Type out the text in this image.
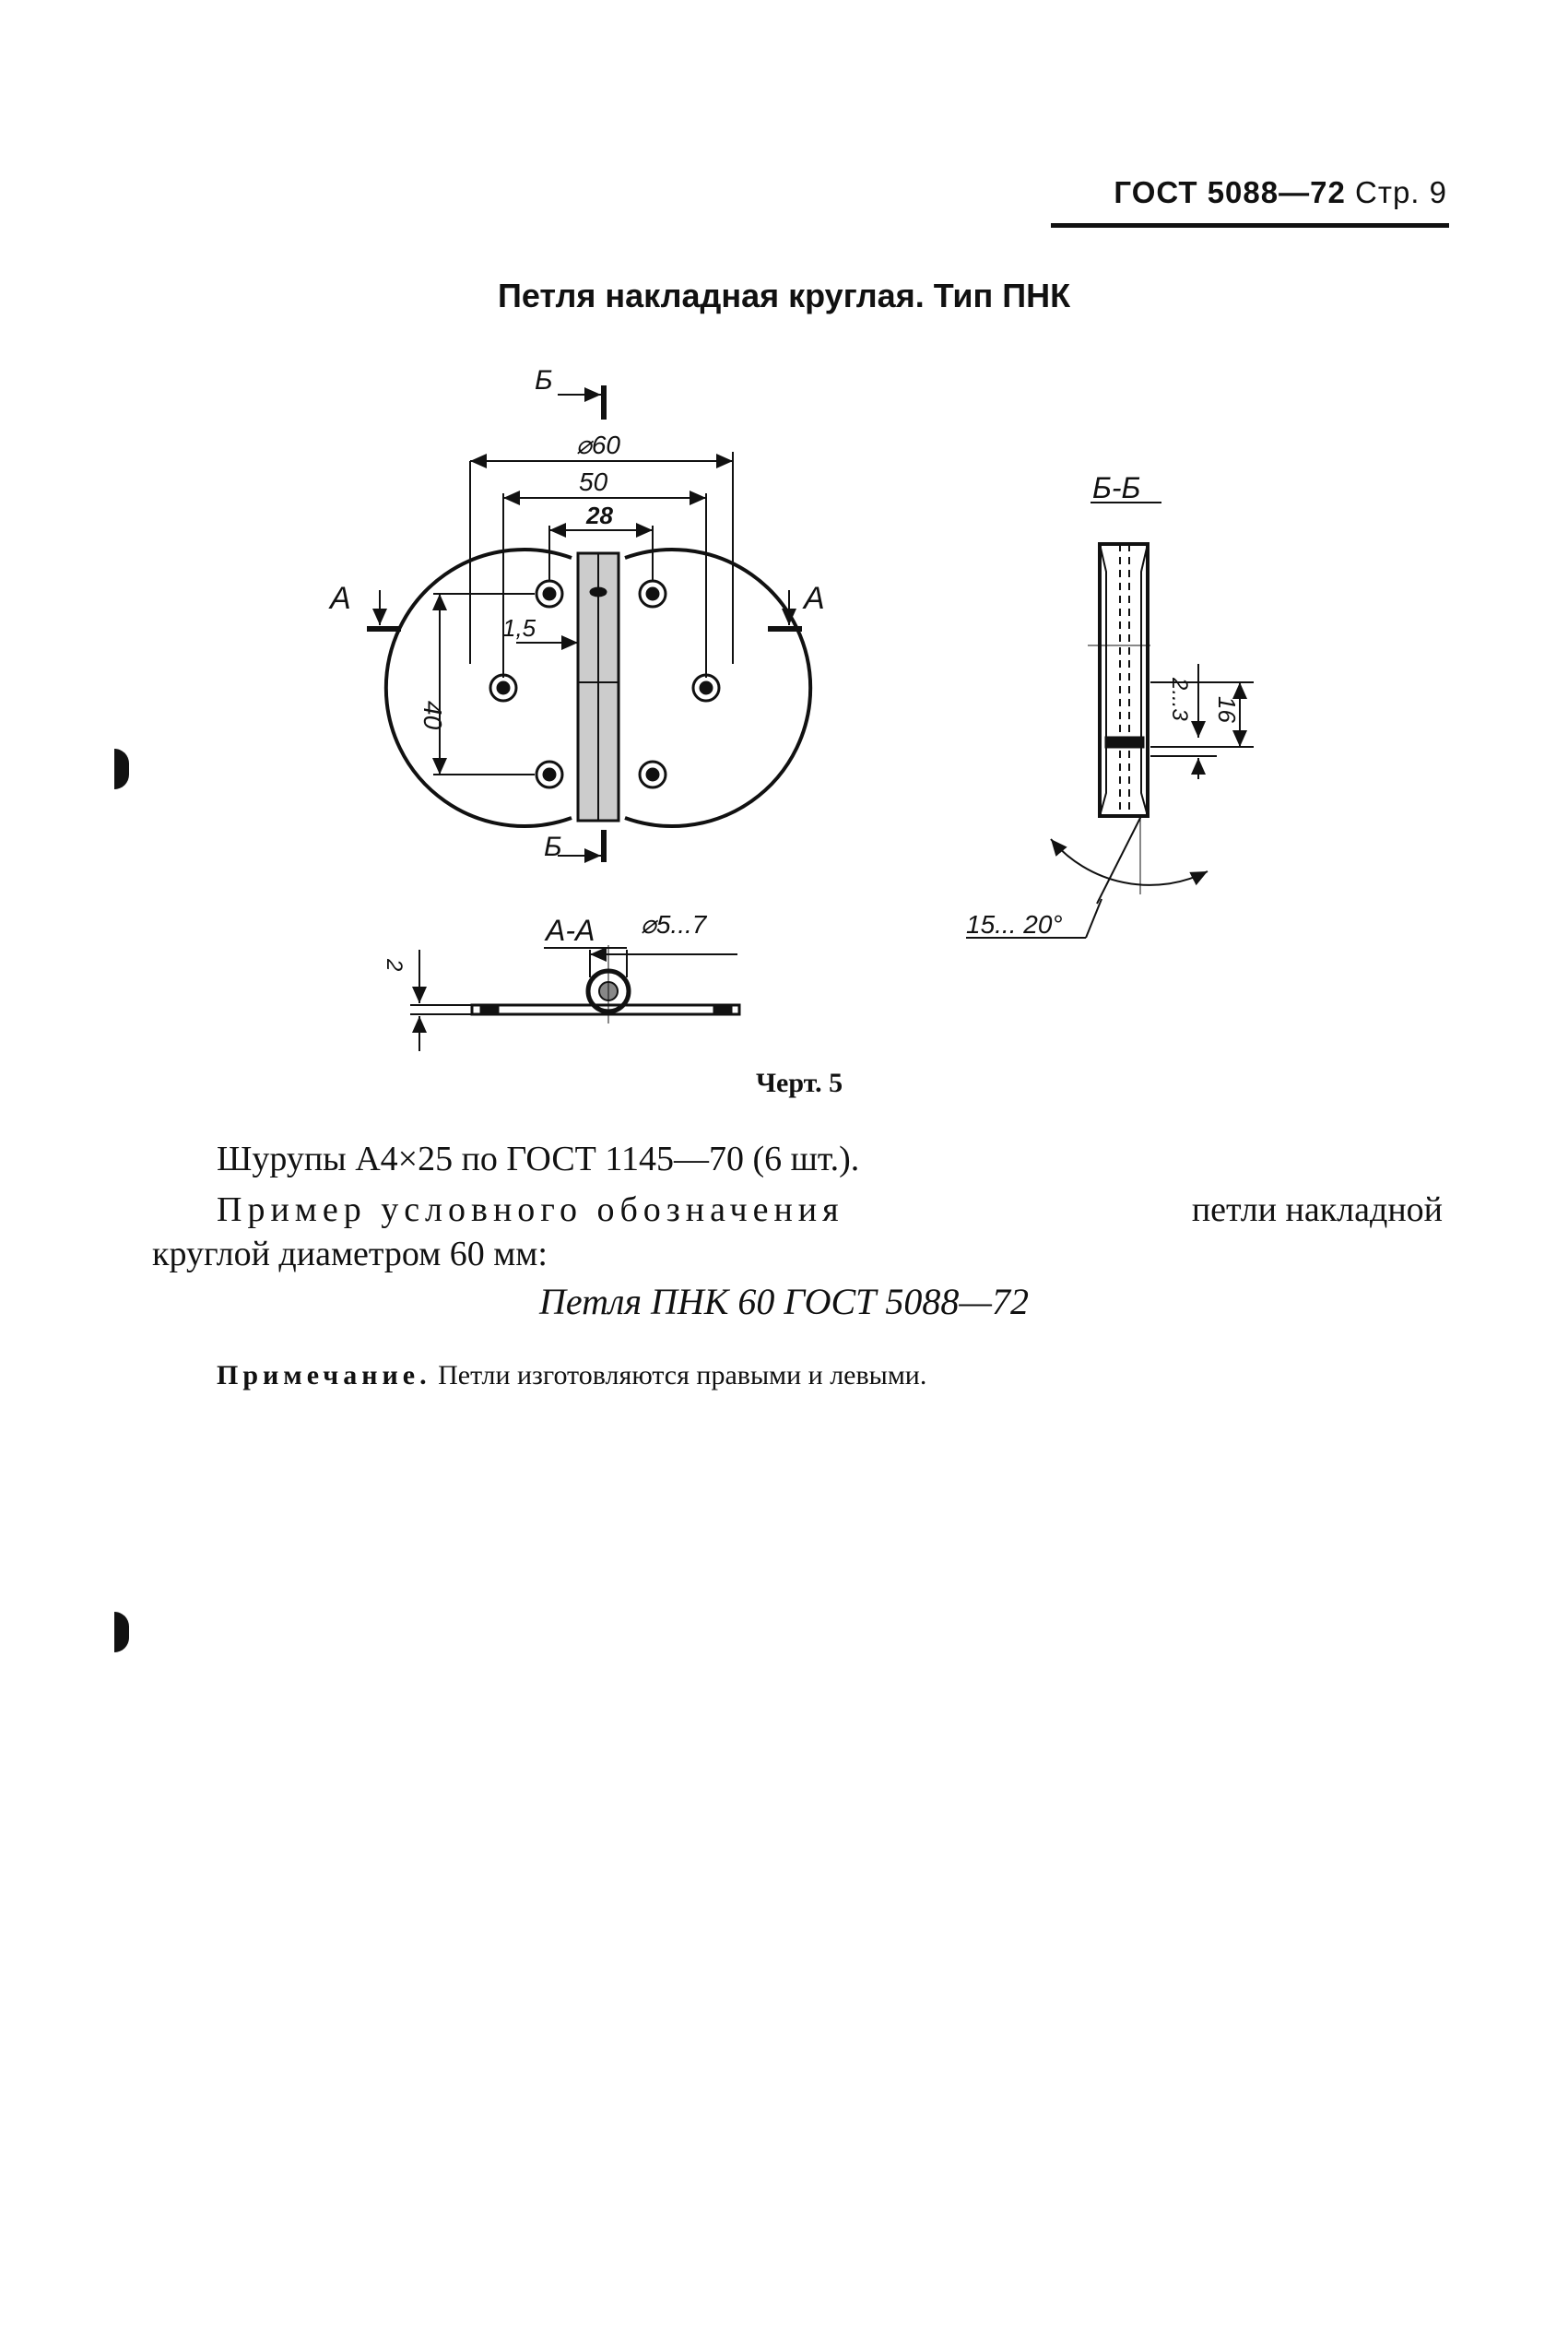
ГОСТ 5088—72 Стр. 9
Петля накладная круглая. Тип ПНК
Б
Б
А	А
⌀60
50
28
1,5
40
Б-Б
2...3 16
15... 20°
А-А ⌀5...7
2
Черт. 5
Шурупы А4×25 по ГОСТ 1145—70 (6 шт.).
Пример условного обозначения	петли накладной
круглой диаметром 60 мм:
Петля ПНК 60 ГОСТ 5088—72
Примечание. Петли изготовляются правыми и левыми.
